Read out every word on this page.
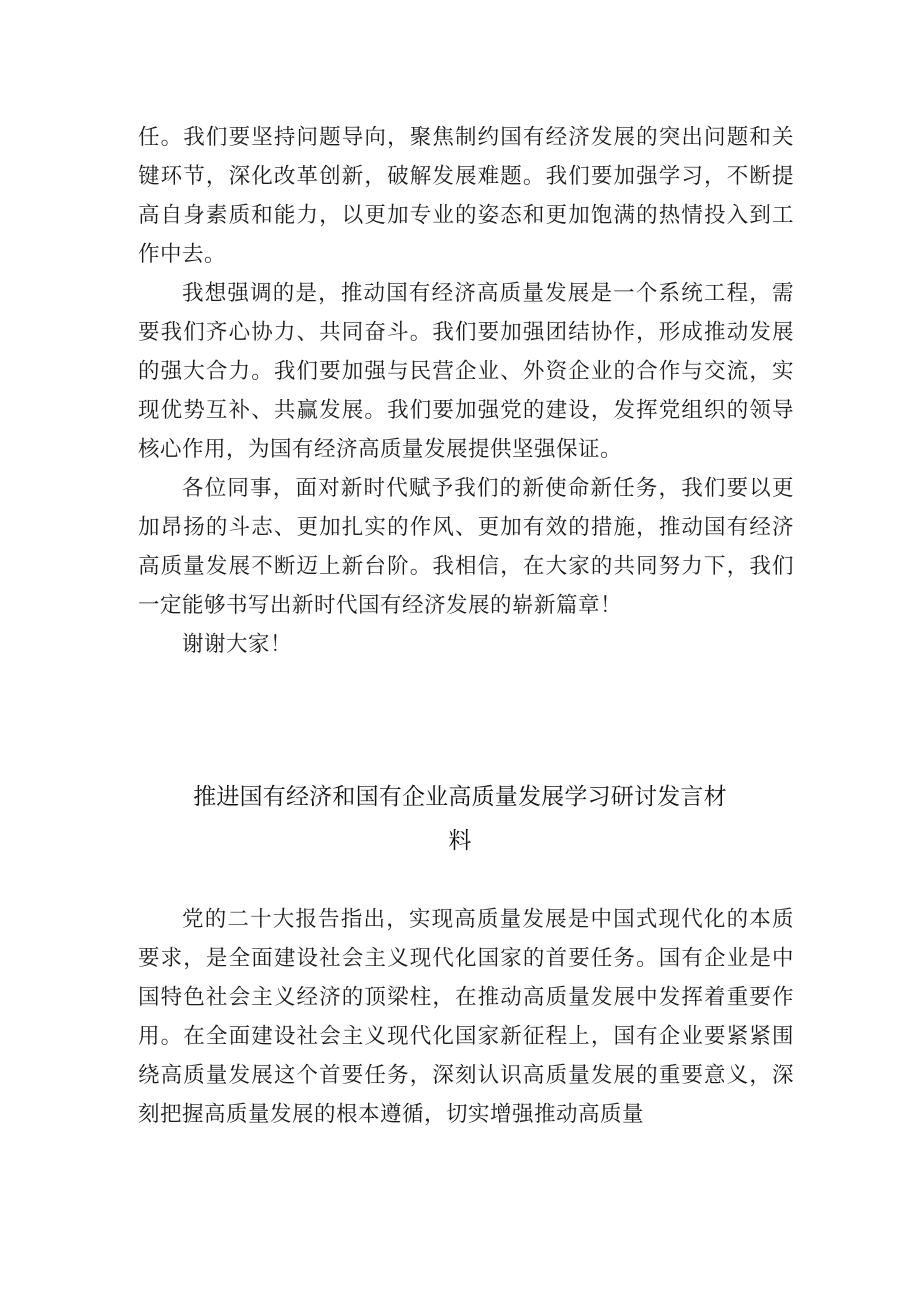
任。我们要坚持问题导向，聚焦制约国有经济发展的突出问题和关键环节，深化改革创新，破解发展难题。我们要加强学习，不断提高自身素质和能力，以更加专业的姿态和更加饱满的热情投入到工作中去。

我想强调的是，推动国有经济高质量发展是一个系统工程，需要我们齐心协力、共同奋斗。我们要加强团结协作，形成推动发展的强大合力。我们要加强与民营企业、外资企业的合作与交流，实现优势互补、共赢发展。我们要加强党的建设，发挥党组织的领导核心作用，为国有经济高质量发展提供坚强保证。

各位同事，面对新时代赋予我们的新使命新任务，我们要以更加昂扬的斗志、更加扎实的作风、更加有效的措施，推动国有经济高质量发展不断迈上新台阶。我相信，在大家的共同努力下，我们一定能够书写出新时代国有经济发展的崭新篇章！

谢谢大家！

推进国有经济和国有企业高质量发展学习研讨发言材
料

党的二十大报告指出，实现高质量发展是中国式现代化的本质要求，是全面建设社会主义现代化国家的首要任务。国有企业是中国特色社会主义经济的顶梁柱，在推动高质量发展中发挥着重要作用。在全面建设社会主义现代化国家新征程上，国有企业要紧紧围绕高质量发展这个首要任务，深刻认识高质量发展的重要意义，深刻把握高质量发展的根本遵循，切实增强推动高质量
